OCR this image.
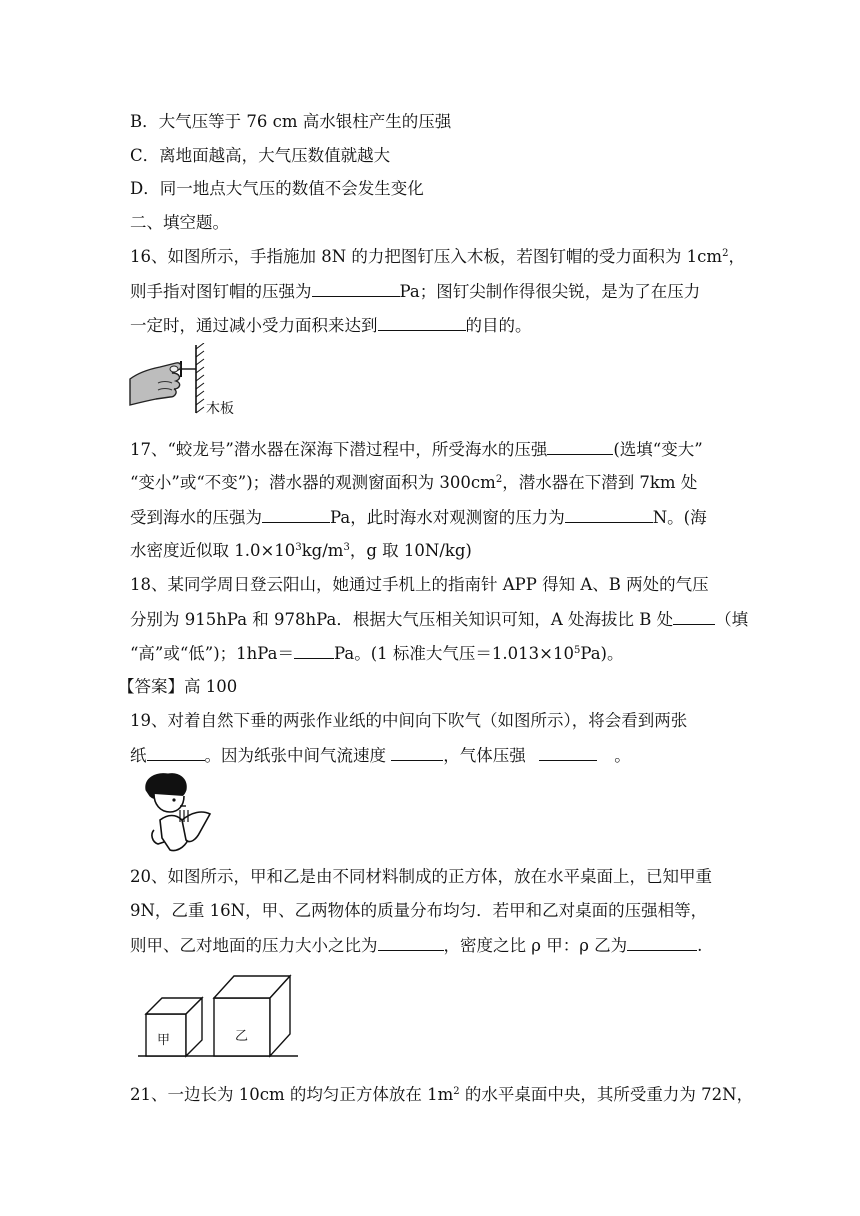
B．大气压等于 76 cm 高水银柱产生的压强
C．离地面越高，大气压数值就越大
D．同一地点大气压的数值不会发生变化
二、填空题。
16、如图所示，手指施加 8N 的力把图钉压入木板，若图钉帽的受力面积为 $1cm^2$，
则手指对图钉帽的压强为	Pa；图钉尖制作得很尖锐，是为了在压力
一定时，通过减小受力面积来达到	的目的。
木板
17、“蛟龙号”潜水器在深海下潜过程中，所受海水的压强	(选填“变大”
“变小”或“不变”)；潜水器的观测窗面积为 $300cm^2$，潜水器在下潜到 7km 处
受到海水的压强为	Pa，此时海水对观测窗的压力为	N。(海
水密度近似取 $1.0\times 10^3kg/m^3$，g 取 10N/kg)
18、某同学周日登云阳山，她通过手机上的指南针 APP 得知 A、B 两处的气压
分别为 915hPa 和 978hPa．根据大气压相关知识可知，A 处海拔比 B 处	（填
“高”或“低”)；1hPa＝ Pa。(1 标准大气压$=1.013\times 10^5Pa$)。
【答案】高 100
19、对着自然下垂的两张作业纸的中间向下吹气（如图所示），将会看到两张
纸	。因为纸张中间气流速度	，气体压强	。
20、如图所示，甲和乙是由不同材料制成的正方体，放在水平桌面上，已知甲重
9N，乙重 16N，甲、乙两物体的质量分布均匀．若甲和乙对桌面的压强相等，
则甲、乙对地面的压力大小之比为	，密度之比 ρ 甲：ρ 乙为	.
甲	乙
21、一边长为 10cm 的均匀正方体放在 $1m^2$ 的水平桌面中央，其所受重力为 72N，
